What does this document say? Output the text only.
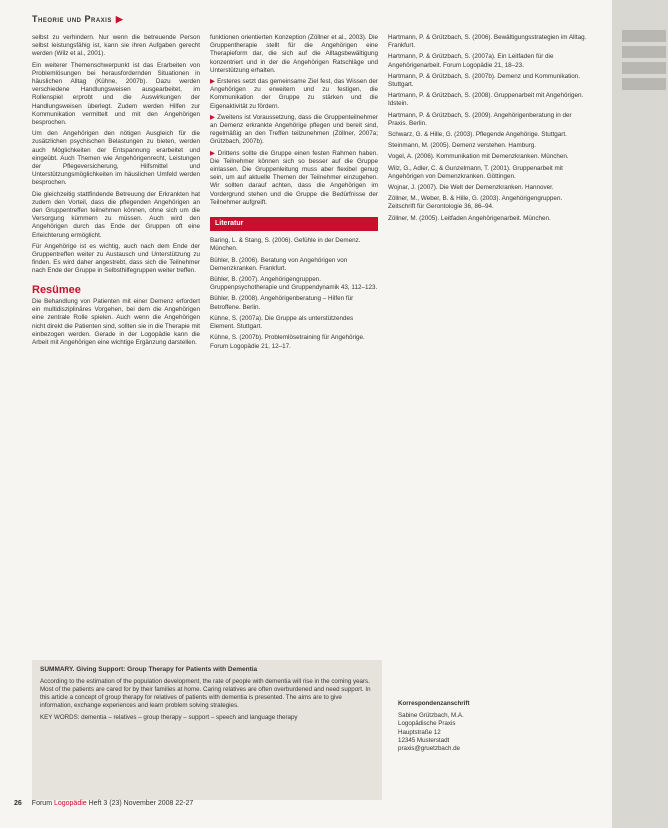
Theorie und Praxis ▶

selbst zu verhindern. Nur wenn die betreuende Person selbst leistungsfähig ist, kann sie ihren Aufgaben gerecht werden (Wilz et al., 2001).

Ein weiterer Themenschwerpunkt ist das Erarbeiten von Problemlösungen bei herausfordernden Situationen in häuslichen Alltag (Kühne, 2007b). Dazu werden verschiedene Handlungsweisen ausgearbeitet, im Rollenspiel erprobt und die Auswirkungen der Handlungsweisen überlegt. Zudem werden Hilfen zur Kommunikation vermittelt und mit den Angehörigen besprochen.

Um den Angehörigen den nötigen Ausgleich für die zusätzlichen psychischen Belastungen zu bieten, werden auch Möglichkeiten der Entspannung erarbeitet und eingeübt. Auch Themen wie Angehörigenrecht, Leistungen der Pflegeversicherung, Hilfsmittel und Unterstützungsmöglichkeiten im häuslichen Umfeld werden besprochen.

Die gleichzeitig stattfindende Betreuung der Erkrankten hat zudem den Vorteil, dass die pflegenden Angehörigen an den Gruppentreffen teilnehmen können, ohne sich um die Versorgung kümmern zu müssen. Auch wird den Angehörigen durch das Ende der Gruppen oft eine Erleichterung ermöglicht.

Für Angehörige ist es wichtig, auch nach dem Ende der Gruppentreffen weiter zu Austausch und Unterstützung zu finden. Es wird daher angestrebt, dass sich die Teilnehmer nach Ende der Gruppe in Selbsthilfegruppen weiter treffen.

Resümee

Die Behandlung von Patienten mit einer Demenz erfordert ein multidisziplinäres Vorgehen, bei dem die Angehörigen eine zentrale Rolle spielen. Auch wenn die Angehörigen nicht direkt die Patienten sind, sollten sie in die Therapie mit einbezogen werden. Gerade in der Logopädie kann die Arbeit mit Angehörigen eine wichtige Ergänzung darstellen.

funktionen orientierten Konzeption (Zöllner et al., 2003). Die Gruppentherapie stellt für die Angehörigen eine Therapieform dar, die sich auf die Alltagsbewältigung konzentriert und in der die Angehörigen Ratschläge und Unterstützung erhalten.

▶ Ersteres setzt das gemeinsame Ziel fest, das Wissen der Angehörigen zu erweitern und zu festigen, die Kommunikation der Gruppe zu stärken und die Eigenaktivität zu fördern.

▶ Zweitens ist Voraussetzung, dass die Gruppenteilnehmer an Demenz erkrankte Angehörige pflegen und bereit sind, regelmäßig an den Treffen teilzunehmen (Zöllner, 2007a; Grützbach, 2007b).

▶ Drittens sollte die Gruppe einen festen Rahmen haben. Die Teilnehmer können sich so besser auf die Gruppe einlassen. Die Gruppenleitung muss aber flexibel genug sein, um auf aktuelle Themen der Teilnehmer einzugehen. Wir sollten darauf achten, dass die Angehörigen im Vordergrund stehen und die Gruppe die Bedürfnisse der Teilnehmer aufgreift.

Literatur

Baring, L. & Stang, S. (2006). Gefühle in der Demenz. München.

Bühler, B. (2006). Beratung von Angehörigen von Demenzkranken. Frankfurt.

Bühler, B. (2007). Angehörigengruppen. Gruppenpsychotherapie und Gruppendynamik 43, 112–123.

Bühler, B. (2008). Angehörigenberatung – Hilfen für Betroffene. Berlin.

Kühne, S. (2007a). Die Gruppe als unterstützendes Element. Stuttgart.

Kühne, S. (2007b). Problemlösetraining für Angehörige. Forum Logopädie 21, 12–17.

Hartmann, P. & Grützbach, S. (2006). Bewältigungsstrategien im Alltag. Frankfurt.

Hartmann, P. & Grützbach, S. (2007a). Ein Leitfaden für die Angehörigenarbeit. Forum Logopädie 21, 18–23.

Hartmann, P. & Grützbach, S. (2007b). Demenz und Kommunikation. Stuttgart.

Hartmann, P. & Grützbach, S. (2008). Gruppenarbeit mit Angehörigen. Idstein.

Hartmann, P. & Grützbach, S. (2009). Angehörigenberatung in der Praxis. Berlin.

Schwarz, G. & Hille, G. (2003). Pflegende Angehörige. Stuttgart.

Steinmann, M. (2005). Demenz verstehen. Hamburg.

Vogel, A. (2006). Kommunikation mit Demenzkranken. München.

Wilz, G., Adler, C. & Gunzelmann, T. (2001). Gruppenarbeit mit Angehörigen von Demenzkranken. Göttingen.

Wojnar, J. (2007). Die Welt der Demenzkranken. Hannover.

Zöllner, M., Weber, B. & Hille, G. (2003). Angehörigengruppen. Zeitschrift für Gerontologie 36, 86–94.

Zöllner, M. (2005). Leitfaden Angehörigenarbeit. München.

SUMMARY. Giving Support: Group Therapy for Patients with Dementia
According to the estimation of the population development, the rate of people with dementia will rise in the coming years. Most of the patients are cared for by their families at home. Caring relatives are often overburdened and need support. In this article a concept of group therapy for relatives of patients with dementia is presented. The aims are to give information, exchange experiences and learn problem solving strategies.
KEY WORDS: dementia – relatives – group therapy – support – speech and language therapy
Korrespondenzanschrift
Sabine Grützbach, M.A.
Logopädische Praxis
Hauptstraße 12
12345 Musterstadt
praxis@gruetzbach.de
26 Forum Logopädie Heft 3 (23) November 2008 22-27
